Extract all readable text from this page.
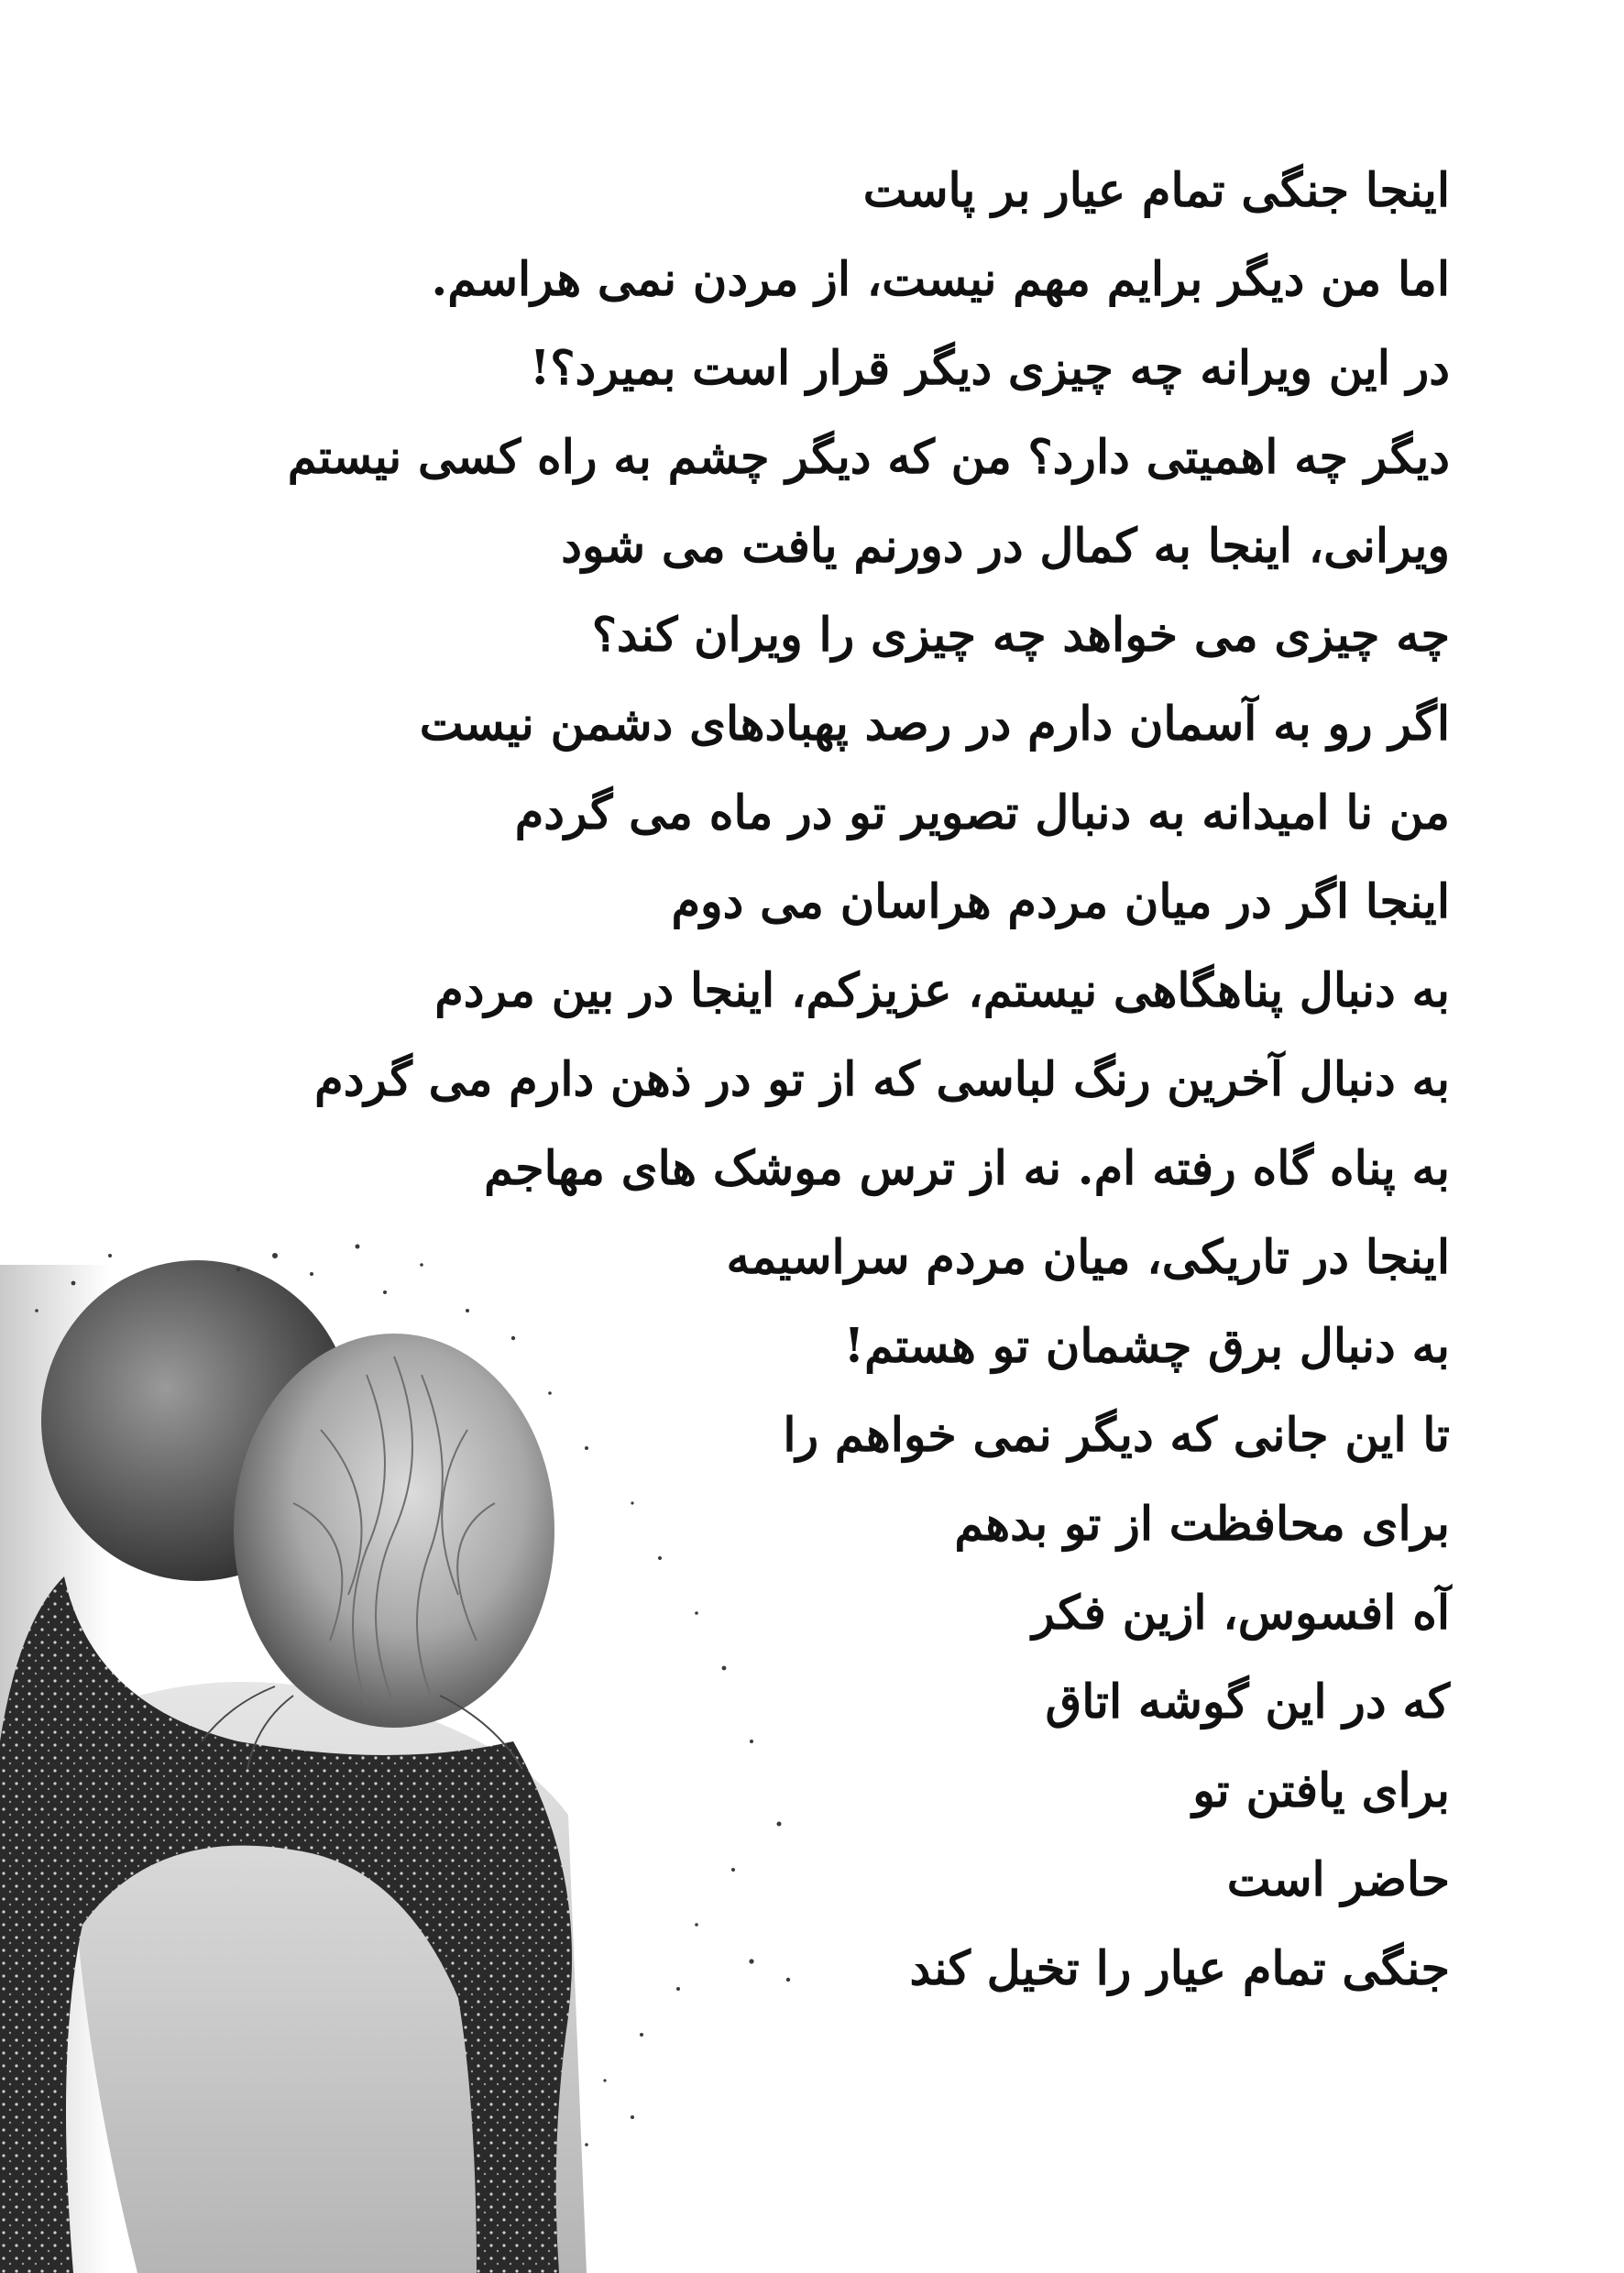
اینجا جنگی تمام عیار بر پاست
اما من دیگر برایم مهم نیست، از مردن نمی هراسم.
در این ویرانه چه چیزی دیگر قرار است بمیرد؟!
دیگر چه اهمیتی دارد؟ من که دیگر چشم به راه کسی نیستم
ویرانی، اینجا به کمال در دورنم یافت می شود
چه چیزی می خواهد چه چیزی را ویران کند؟
اگر رو به آسمان دارم در رصد پهبادهای دشمن نیست
من نا امیدانه به دنبال تصویر تو در ماه می گردم
اینجا اگر در میان مردم هراسان می دوم
به دنبال پناهگاهی نیستم، عزیزکم، اینجا در بین مردم
به دنبال آخرین رنگ لباسی که از تو در ذهن دارم می گردم
به پناه گاه رفته ام. نه از ترس موشک های مهاجم
اینجا در تاریکی، میان مردم سراسیمه
به دنبال برق چشمان تو هستم!
تا این جانی که دیگر نمی خواهم را
برای محافظت از تو بدهم
آه افسوس، ازین فکر
که در این گوشه اتاق
برای یافتن تو
حاضر است
جنگی تمام عیار را تخیل کند
